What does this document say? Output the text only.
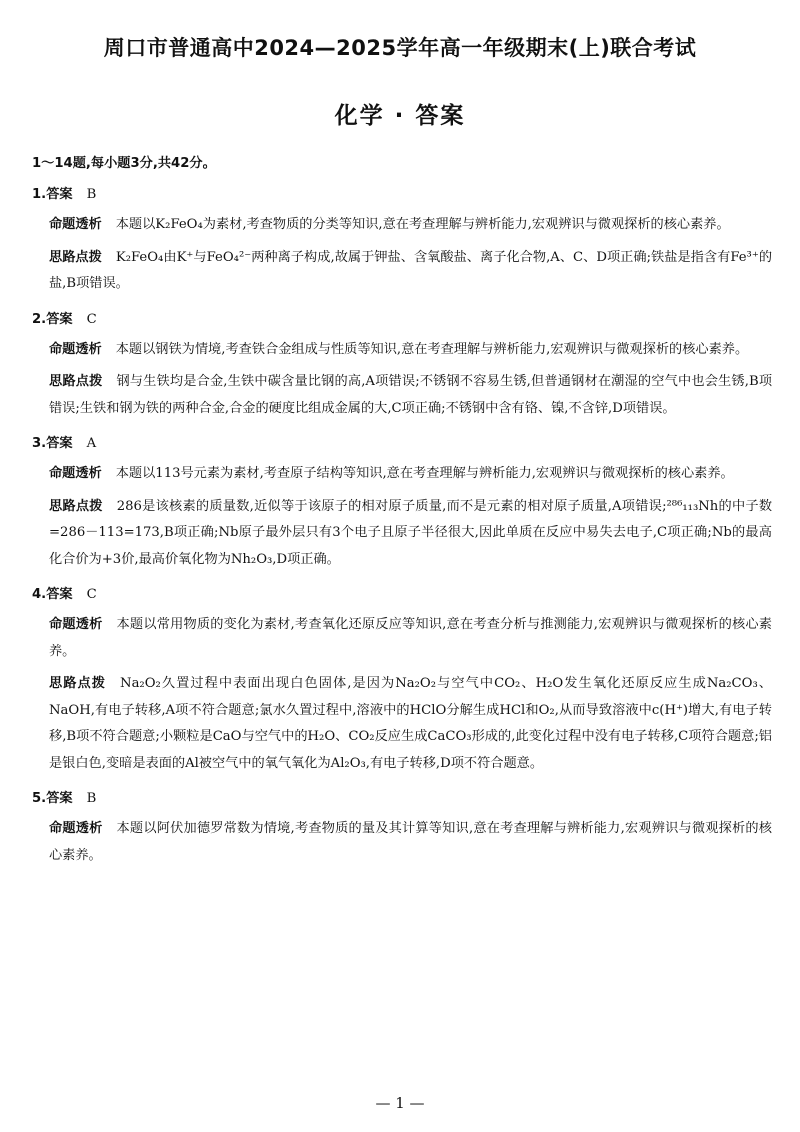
周口市普通高中2024—2025学年高一年级期末(上)联合考试
化学 · 答案
1～14题,每小题3分,共42分。
1.答案 B
命题透析 本题以K₂FeO₄为素材,考查物质的分类等知识,意在考查理解与辨析能力,宏观辨识与微观探析的核心素养。
思路点拨 K₂FeO₄由K⁺与FeO₄²⁻两种离子构成,故属于钾盐、含氧酸盐、离子化合物,A、C、D项正确;铁盐是指含有Fe³⁺的盐,B项错误。
2.答案 C
命题透析 本题以钢铁为情境,考查铁合金组成与性质等知识,意在考查理解与辨析能力,宏观辨识与微观探析的核心素养。
思路点拨 钢与生铁均是合金,生铁中碳含量比钢的高,A项错误;不锈钢不容易生锈,但普通钢材在潮湿的空气中也会生锈,B项错误;生铁和钢为铁的两种合金,合金的硬度比组成金属的大,C项正确;不锈钢中含有铬、镍,不含锌,D项错误。
3.答案 A
命题透析 本题以113号元素为素材,考查原子结构等知识,意在考查理解与辨析能力,宏观辨识与微观探析的核心素养。
思路点拨 286是该核素的质量数,近似等于该原子的相对原子质量,而不是元素的相对原子质量,A项错误;²⁸⁶₁₁₃Nh的中子数=286－113=173,B项正确;Nb原子最外层只有3个电子且原子半径很大,因此单质在反应中易失去电子,C项正确;Nb的最高化合价为+3价,最高价氧化物为Nh₂O₃,D项正确。
4.答案 C
命题透析 本题以常用物质的变化为素材,考查氧化还原反应等知识,意在考查分析与推测能力,宏观辨识与微观探析的核心素养。
思路点拨 Na₂O₂久置过程中表面出现白色固体,是因为Na₂O₂与空气中CO₂、H₂O发生氧化还原反应生成Na₂CO₃、NaOH,有电子转移,A项不符合题意;氯水久置过程中,溶液中的HClO分解生成HCl和O₂,从而导致溶液中c(H⁺)增大,有电子转移,B项不符合题意;小颗粒是CaO与空气中的H₂O、CO₂反应生成CaCO₃形成的,此变化过程中没有电子转移,C项符合题意;铝是银白色,变暗是表面的Al被空气中的氧气氧化为Al₂O₃,有电子转移,D项不符合题意。
5.答案 B
命题透析 本题以阿伏加德罗常数为情境,考查物质的量及其计算等知识,意在考查理解与辨析能力,宏观辨识与微观探析的核心素养。
— 1 —
